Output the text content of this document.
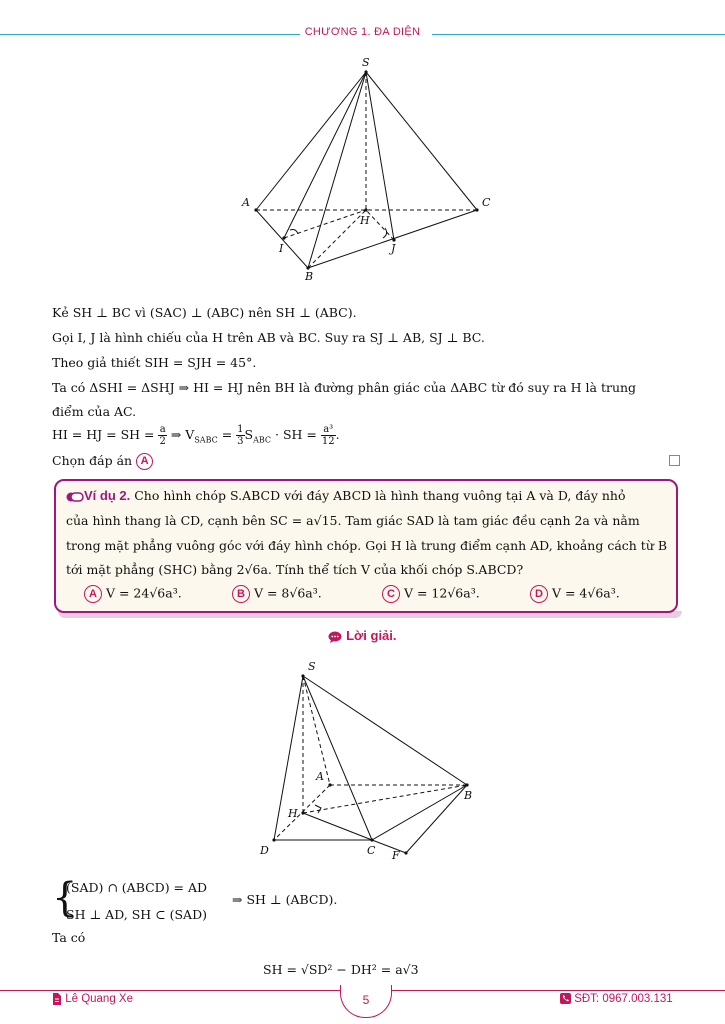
CHƯƠNG 1. ĐA DIỆN
S
A	C
H
I	J
B
Kẻ SH ⊥ BC vì (SAC) ⊥ (ABC) nên SH ⊥ (ABC).
Gọi I, J là hình chiếu của H trên AB và BC. Suy ra SJ ⊥ AB, SJ ⊥ BC.
Theo giả thiết SIH = SJH = 45°.
Ta có ΔSHI = ΔSHJ ⇒ HI = HJ nên BH là đường phân giác của ΔABC từ đó suy ra H là trung
điểm của AC.
HI = HJ = SH = $\frac{a}{2}$ ⇒ $V_{SABC} = \frac{1}{3} S_{ABC}$ · SH = $\frac{\text{a³}}{12}$ .
Chọn đáp án A
Ví dụ 2. Cho hình chóp S.ABCD với đáy ABCD là hình thang vuông tại A và D, đáy nhỏ
của hình thang là CD, cạnh bên SC = a√15. Tam giác SAD là tam giác đều cạnh 2a và nằm
trong mặt phẳng vuông góc với đáy hình chóp. Gọi H là trung điểm cạnh AD, khoảng cách từ B
tới mặt phẳng (SHC) bằng 2√6a. Tính thể tích V của khối chóp S.ABCD?
A V = 24√6a³.	B V = 8√6a³.	C V = 12√6a³.	D V = 4√6a³.
Lời giải.
S
A
B
H
D	C F
{
(SAD) ∩ (ABCD) = AD
SH ⊥ AD, SH ⊂ (SAD)
⇒ SH ⊥ (ABCD).
Ta có
SH = √SD² − DH² = a√3
Lê Quang Xe	5	SĐT: 0967.003.131
